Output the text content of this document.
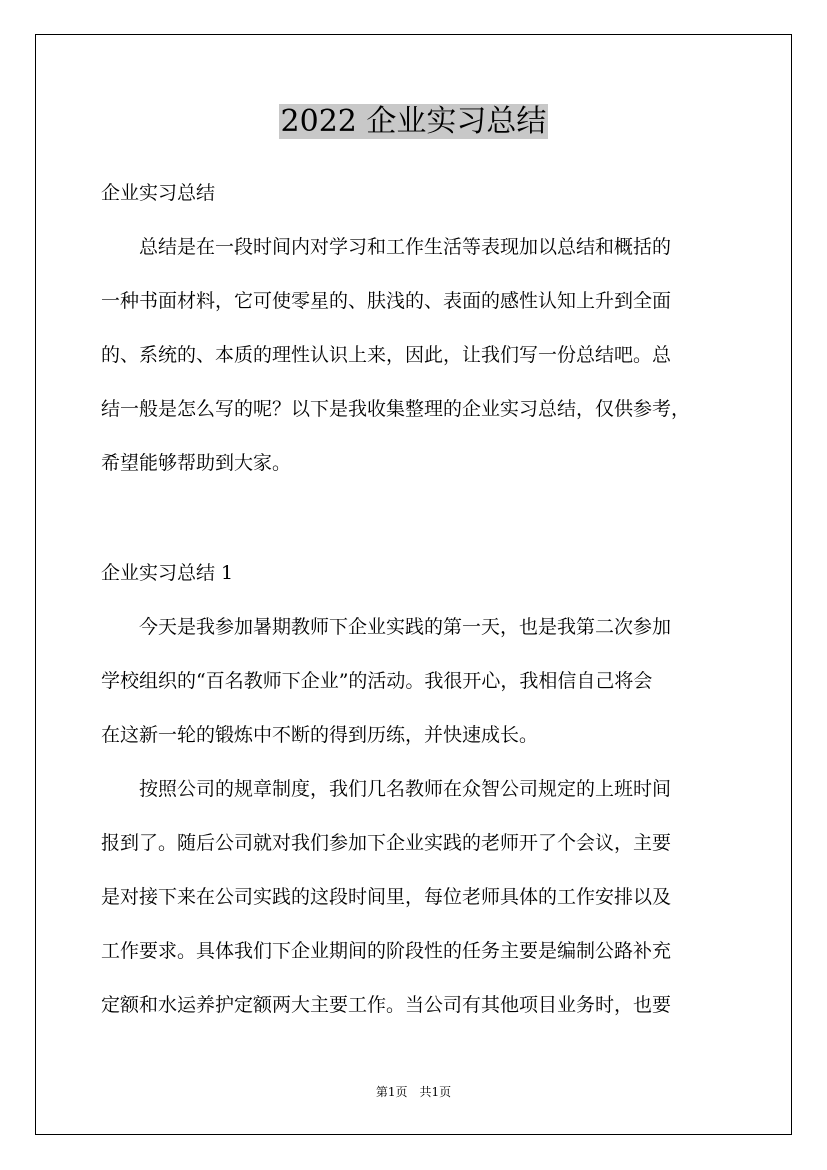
2022 企业实习总结
企业实习总结
　　总结是在一段时间内对学习和工作生活等表现加以总结和概括的
一种书面材料，它可使零星的、肤浅的、表面的感性认知上升到全面
的、系统的、本质的理性认识上来，因此，让我们写一份总结吧。总
结一般是怎么写的呢？以下是我收集整理的企业实习总结，仅供参考，
希望能够帮助到大家。
企业实习总结 1
　　今天是我参加暑期教师下企业实践的第一天，也是我第二次参加
学校组织的“百名教师下企业”的活动。我很开心，我相信自己将会
在这新一轮的锻炼中不断的得到历练，并快速成长。
　　按照公司的规章制度，我们几名教师在众智公司规定的上班时间
报到了。随后公司就对我们参加下企业实践的老师开了个会议，主要
是对接下来在公司实践的这段时间里，每位老师具体的工作安排以及
工作要求。具体我们下企业期间的阶段性的任务主要是编制公路补充
定额和水运养护定额两大主要工作。当公司有其他项目业务时，也要
第1页　共1页
